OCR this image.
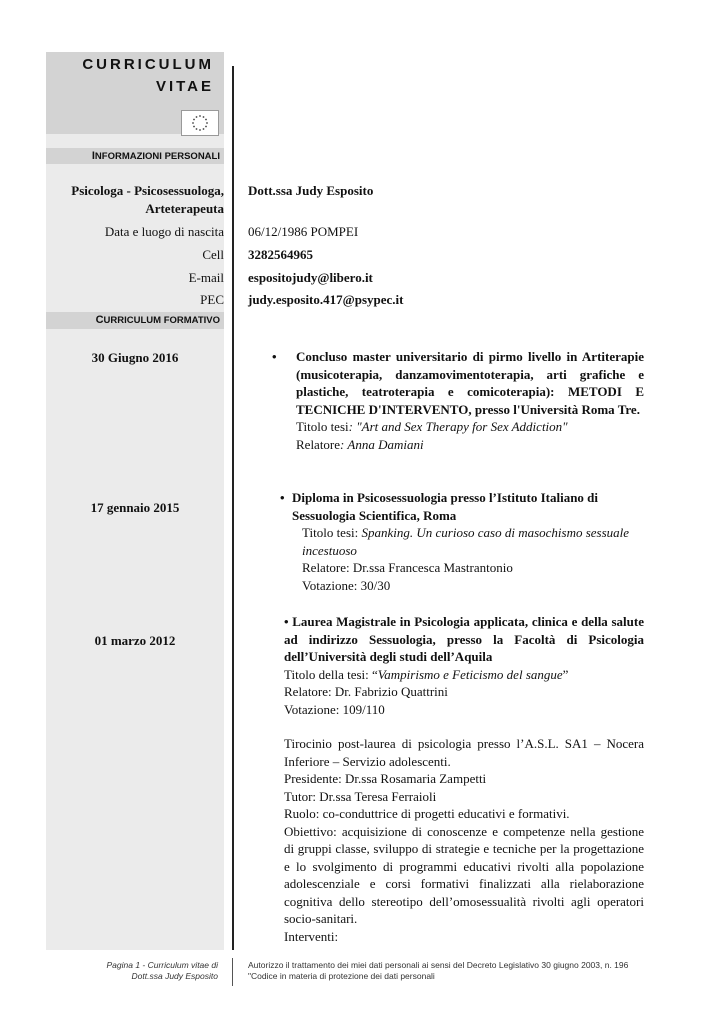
CURRICULUM
VITAE
INFORMAZIONI PERSONALI
Psicologa - Psicosessuologa,
Arteterapeuta
Dott.ssa Judy Esposito
Data e luogo di nascita 06/12/1986 POMPEI
Cell 3282564965
E-mail espositojudy@libero.it
PEC judy.esposito.417@psypec.it
CURRICULUM FORMATIVO
30 Giugno 2016	• Concluso master universitario di pirmo livello in Artiterapie (musicoterapia, danzamovimentoterapia, arti grafiche e plastiche, teatroterapia e comicoterapia): METODI E TECNICHE D'INTERVENTO, presso l'Università Roma Tre.
Titolo tesi: "Art and Sex Therapy for Sex Addiction"
Relatore: Anna Damiani
17 gennaio 2015
• Diploma in Psicosessuologia presso l’Istituto Italiano di Sessuologia Scientifica, Roma
Titolo tesi: Spanking. Un curioso caso di masochismo sessuale incestuoso
Relatore: Dr.ssa Francesca Mastrantonio
Votazione: 30/30
01 marzo 2012
• Laurea Magistrale in Psicologia applicata, clinica e della salute ad indirizzo Sessuologia, presso la Facoltà di Psicologia dell’Università degli studi dell’Aquila
Titolo della tesi: “Vampirismo e Feticismo del sangue”
Relatore: Dr. Fabrizio Quattrini
Votazione: 109/110
Tirocinio post-laurea di psicologia presso l’A.S.L. SA1 – Nocera Inferiore – Servizio adolescenti.
Presidente: Dr.ssa Rosamaria Zampetti
Tutor: Dr.ssa Teresa Ferraioli
Ruolo: co-conduttrice di progetti educativi e formativi.
Obiettivo: acquisizione di conoscenze e competenze nella gestione di gruppi classe, sviluppo di strategie e tecniche per la progettazione e lo svolgimento di programmi educativi rivolti alla popolazione adolescenziale e corsi formativi finalizzati alla rielaborazione cognitiva dello stereotipo dell’omosessualità rivolti agli operatori socio-sanitari.
Interventi:
Pagina 1 - Curriculum vitae di
Dott.ssa Judy Esposito
Autorizzo il trattamento dei miei dati personali ai sensi del Decreto Legislativo 30 giugno 2003, n. 196
"Codice in materia di protezione dei dati personali
